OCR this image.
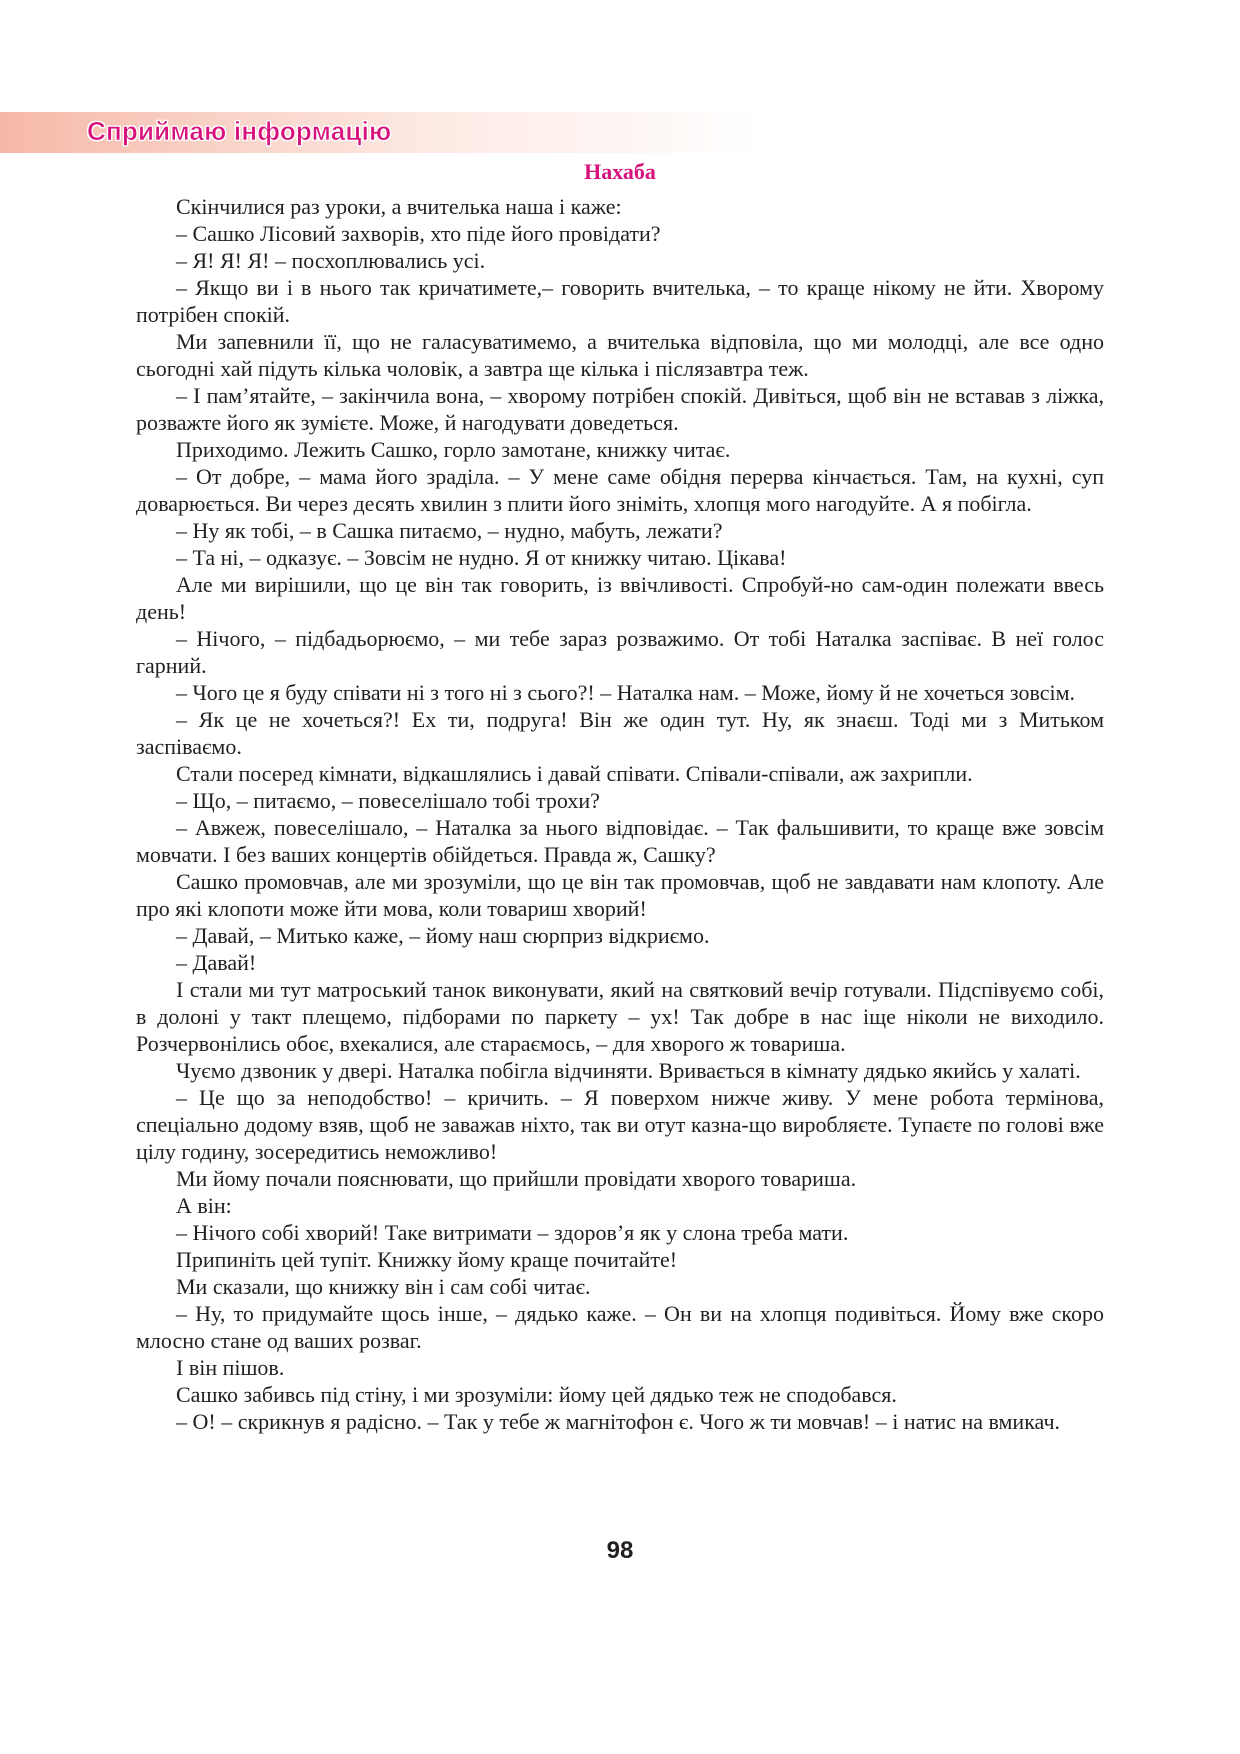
Сприймаю інформацію
Нахаба

Скінчилися раз уроки, а вчителька наша і каже:

– Сашко Лісовий захворів, хто піде його провідати?

– Я! Я! Я! – посхоплювались усі.

– Якщо ви і в нього так кричатимете,– говорить вчителька, – то краще нікому не йти. Хворому потрібен спокій.

Ми запевнили її, що не галасуватимемо, а вчителька відповіла, що ми молодці, але все одно сьогодні хай підуть кілька чоловік, а завтра ще кілька і післязавтра теж.

– І пам’ятайте, – закінчила вона, – хворому потрібен спокій. Дивіться, щоб він не вставав з ліжка, розважте його як зумієте. Може, й нагодувати доведеться.

Приходимо. Лежить Сашко, горло замотане, книжку читає.

– От добре, – мама його зраділа. – У мене саме обідня перерва кінчається. Там, на кухні, суп доварюється. Ви через десять хвилин з плити його зніміть, хлопця мого нагодуйте. А я побігла.

– Ну як тобі, – в Сашка питаємо, – нудно, мабуть, лежати?

– Та ні, – одказує. – Зовсім не нудно. Я от книжку читаю. Цікава!

Але ми вирішили, що це він так говорить, із ввічливості. Спробуй-но сам-один полежати ввесь день!

– Нічого, – підбадьорюємо, – ми тебе зараз розважимо. От тобі Наталка заспіває. В неї голос гарний.

– Чого це я буду співати ні з того ні з сього?! – Наталка нам. – Може, йому й не хочеться зовсім.

– Як це не хочеться?! Ех ти, подруга! Він же один тут. Ну, як знаєш. Тоді ми з Митьком заспіваємо.

Стали посеред кімнати, відкашлялись і давай співати. Співали-співали, аж захрипли.

– Що, – питаємо, – повеселішало тобі трохи?

– Авжеж, повеселішало, – Наталка за нього відповідає. – Так фальшивити, то краще вже зовсім мовчати. І без ваших концертів обійдеться. Правда ж, Сашку?

Сашко промовчав, але ми зрозуміли, що це він так промовчав, щоб не завдавати нам клопоту. Але про які клопоти може йти мова, коли товариш хворий!

– Давай, – Митько каже, – йому наш сюрприз відкриємо.

– Давай!

І стали ми тут матроський танок виконувати, який на святковий вечір готували. Підспівуємо собі, в долоні у такт плещемо, підборами по паркету – ух! Так добре в нас іще ніколи не виходило. Розчервонілись обоє, вхекалися, але стараємось, – для хворого ж товариша.

Чуємо дзвоник у двері. Наталка побігла відчиняти. Вривається в кімнату дядько якийсь у халаті.

– Це що за неподобство! – кричить. – Я поверхом нижче живу. У мене робота термінова, спеціально додому взяв, щоб не заважав ніхто, так ви отут казна-що виробляєте. Тупаєте по голові вже цілу годину, зосередитись неможливо!

Ми йому почали пояснювати, що прийшли провідати хворого товариша.

А він:

– Нічого собі хворий! Таке витримати – здоров’я як у слона треба мати.

Припиніть цей тупіт. Книжку йому краще почитайте!

Ми сказали, що книжку він і сам собі читає.

– Ну, то придумайте щось інше, – дядько каже. – Он ви на хлопця подивіться. Йому вже скоро млосно стане од ваших розваг.

І він пішов.

Сашко забивсь під стіну, і ми зрозуміли: йому цей дядько теж не сподобався.

– О! – скрикнув я радісно. – Так у тебе ж магнітофон є. Чого ж ти мовчав! – і натис на вмикач.

98
